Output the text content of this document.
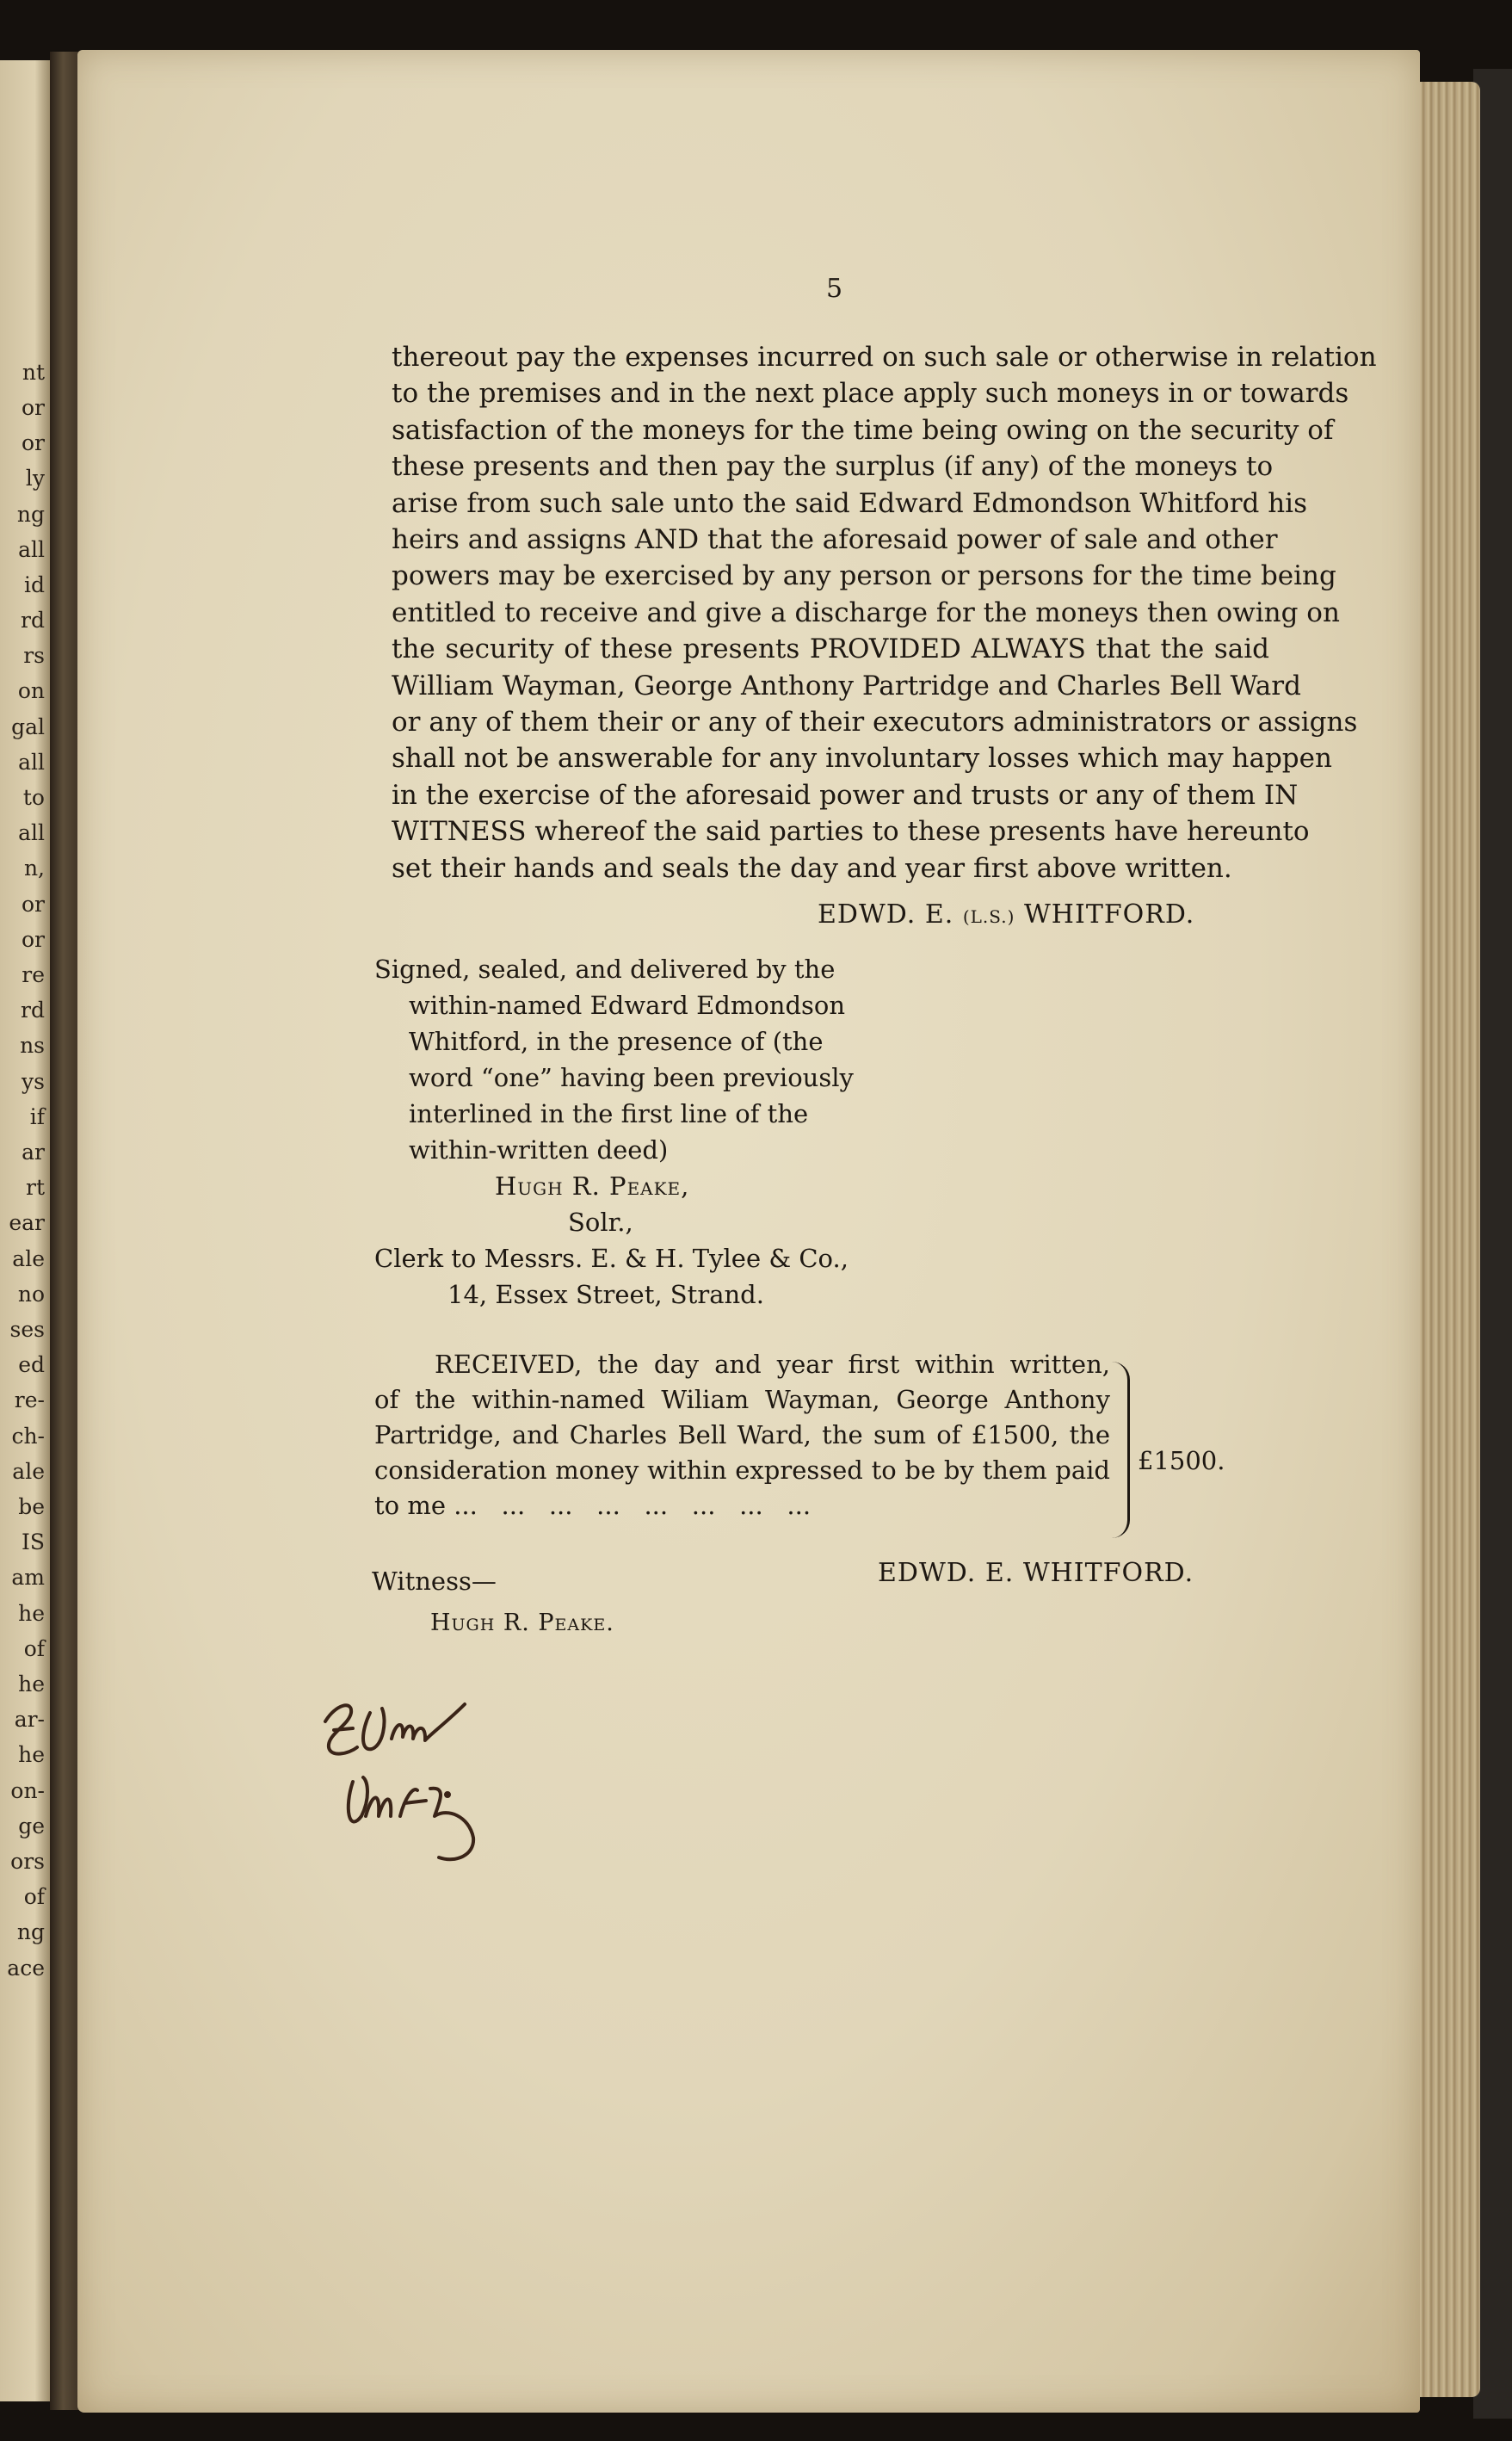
nt
or
or
ly
ng
all
id
rd
rs
on
gal
all
to
all
n,
or
or
re
rd
ns
ys
if
ar
rt
ear
ale
no
ses
ed
re-
ch-
ale
be
IS
am
he
of
he
ar-
he
on-
ge
ors
of
ng
ace
5
thereout pay the expenses incurred on such sale or otherwise in relation
to the premises and in the next place apply such moneys in or towards
satisfaction of the moneys for the time being owing on the security of
these presents and then pay the surplus (if any) of the moneys to
arise from such sale unto the said Edward Edmondson Whitford his
heirs and assigns AND that the aforesaid power of sale and other
powers may be exercised by any person or persons for the time being
entitled to receive and give a discharge for the moneys then owing on
the security of these presents PROVIDED ALWAYS that the said
William Wayman, George Anthony Partridge and Charles Bell Ward
or any of them their or any of their executors administrators or assigns
shall not be answerable for any involuntary losses which may happen
in the exercise of the aforesaid power and trusts or any of them IN
WITNESS whereof the said parties to these presents have hereunto
set their hands and seals the day and year first above written.
EDWD. E. (L.S.) WHITFORD.
Signed, sealed, and delivered by the
within-named Edward Edmondson
Whitford, in the presence of (the
word “one” having been previously
interlined in the first line of the
within-written deed)
Hugh R. Peake,
Solr.,
Clerk to Messrs. E. & H. Tylee & Co.,
14, Essex Street, Strand.
RECEIVED, the day and year first within written,
of the within-named Wiliam Wayman, George Anthony
Partridge, and Charles Bell Ward, the sum of £1500, the
consideration money within expressed to be by them paid
to me ...   ...   ...   ...   ...   ...   ...   ...
£1500.
EDWD. E. WHITFORD.
Witness—
Hugh R. Peake.
